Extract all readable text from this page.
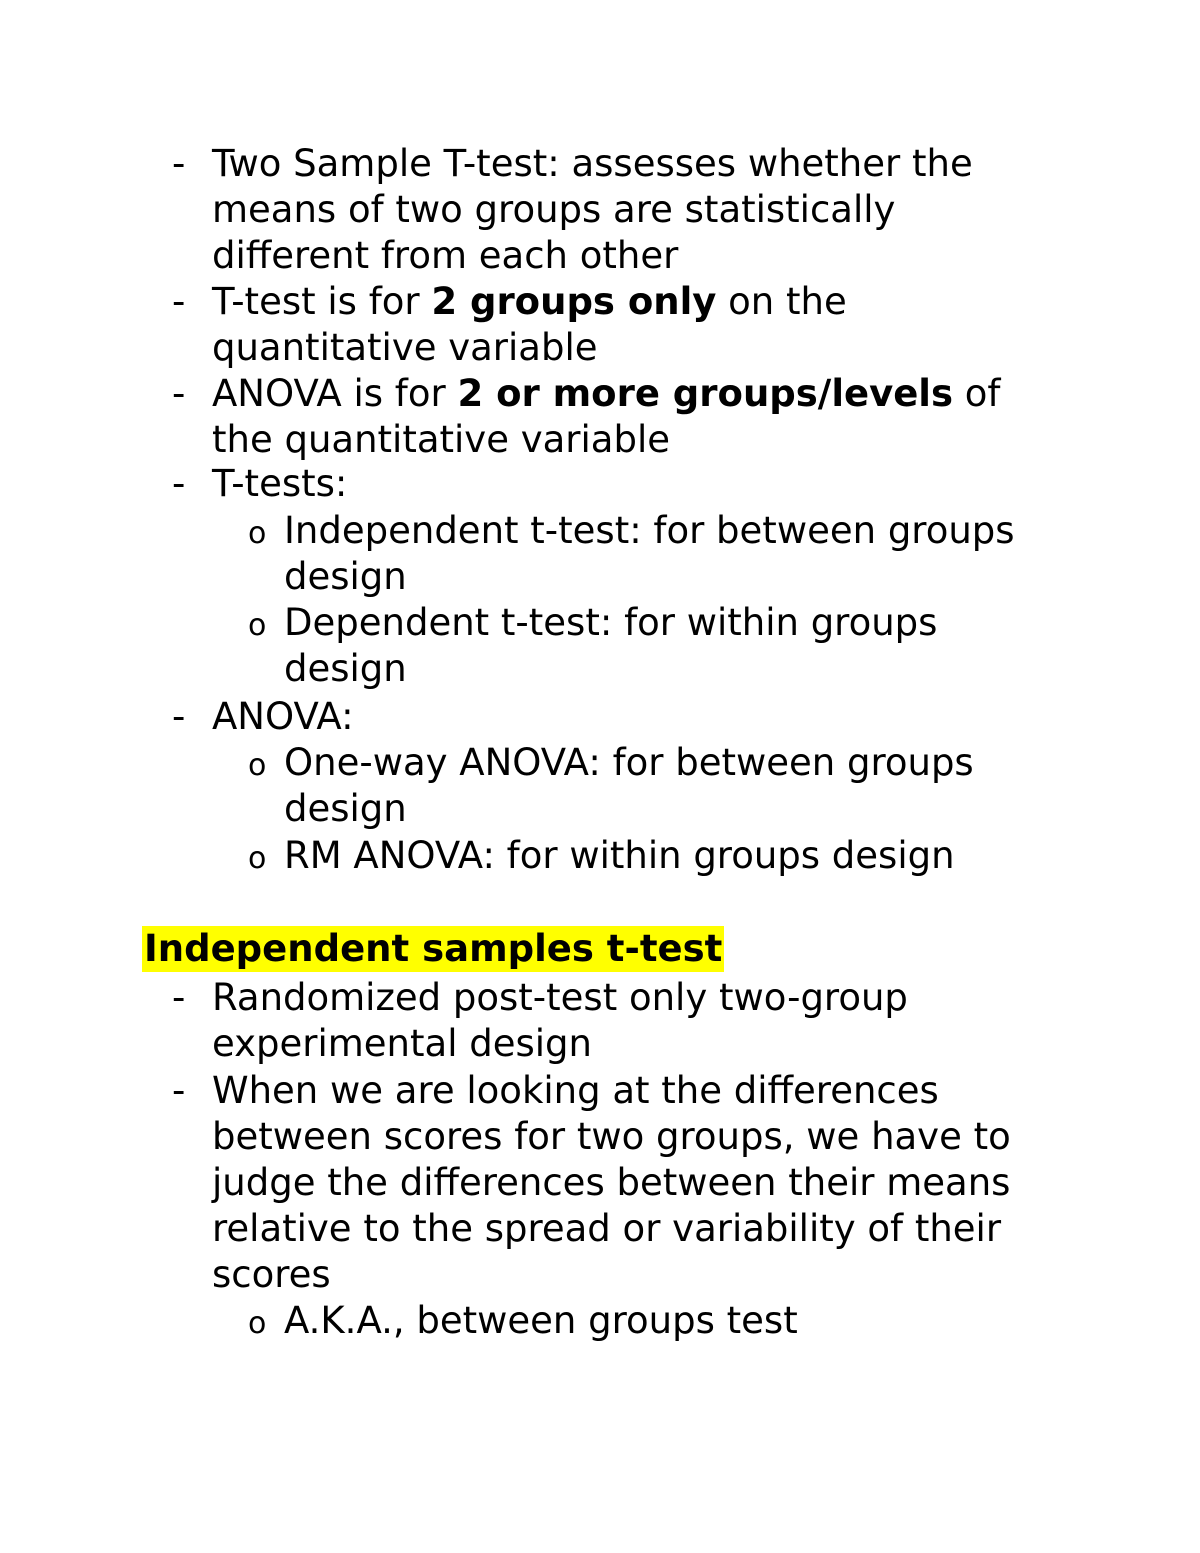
- Two Sample T-test: assesses whether the
means of two groups are statistically
different from each other
- T-test is for 2 groups only on the
quantitative variable
- ANOVA is for 2 or more groups/levels of
the quantitative variable
- T-tests:
o Independent t-test: for between groups
design
o Dependent t-test: for within groups
design
- ANOVA:
o One-way ANOVA: for between groups
design
o RM ANOVA: for within groups design
Independent samples t-test
- Randomized post-test only two-group
experimental design
- When we are looking at the differences
between scores for two groups, we have to
judge the differences between their means
relative to the spread or variability of their
scores
o A.K.A., between groups test
